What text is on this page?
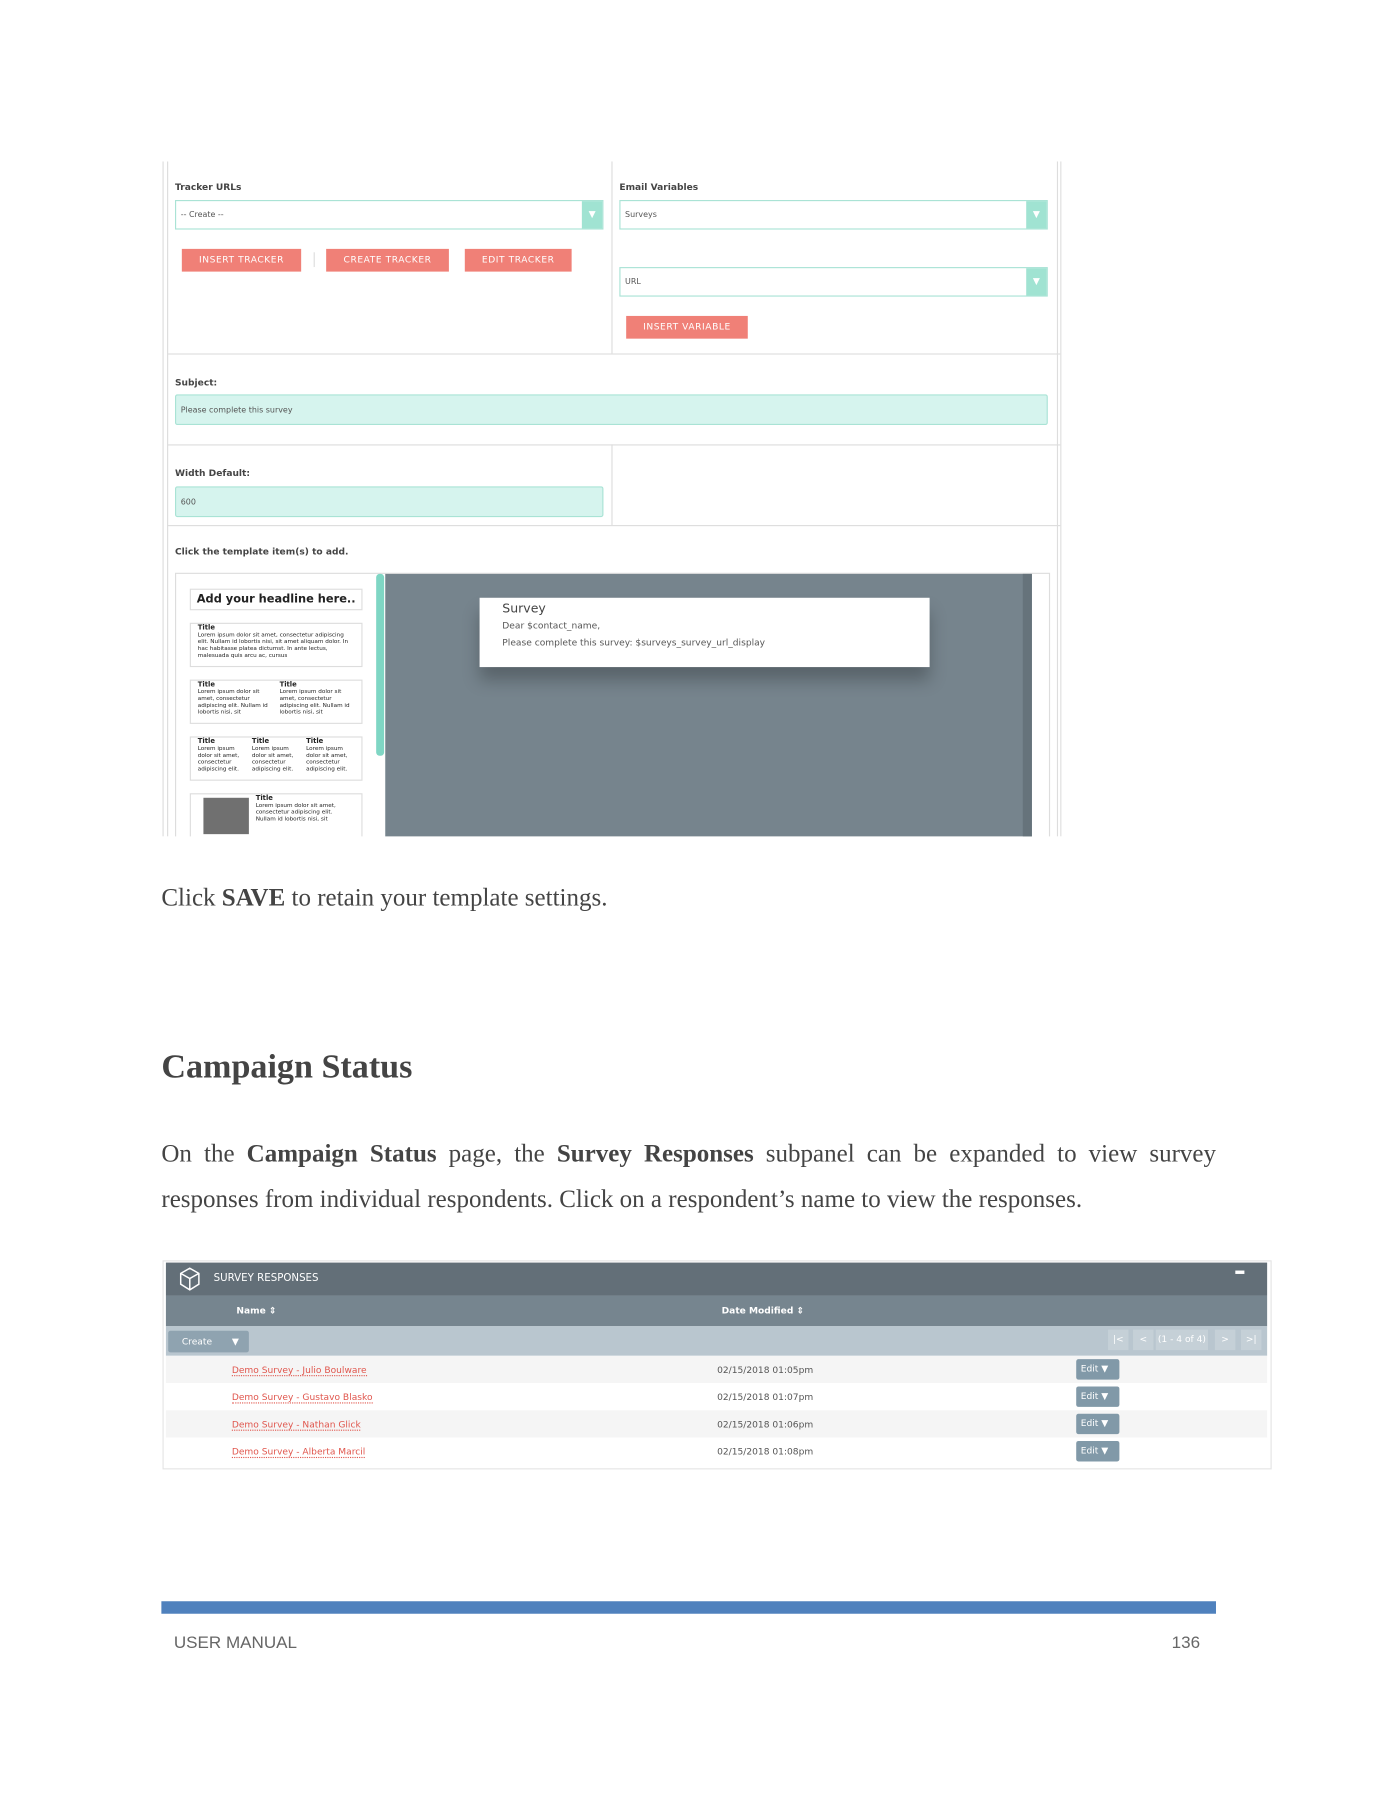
Tracker URLs
-- Create --	▼
INSERT TRACKER	CREATE TRACKER	EDIT TRACKER
Email Variables
Surveys	▼
URL	▼
INSERT VARIABLE
Subject:
Please complete this survey
Width Default:
600
Click the template item(s) to add.
Add your headline here..
Title
Lorem ipsum dolor sit amet, consectetur adipiscing elit. Nullam id lobortis nisi, sit amet aliquam dolor. In hac habitasse platea dictumst. In ante lectus, malesuada quis arcu ac, cursus
Title
Lorem ipsum dolor sit amet, consectetur adipiscing elit. Nullam id lobortis nisi, sit
Title
Lorem ipsum dolor sit amet, consectetur adipiscing elit. Nullam id lobortis nisi, sit
Title
Lorem ipsum dolor sit amet, consectetur adipiscing elit.
Title
Lorem ipsum dolor sit amet, consectetur adipiscing elit.
Title
Lorem ipsum dolor sit amet, consectetur adipiscing elit.
Title
Lorem ipsum dolor sit amet, consectetur adipiscing elit. Nullam id lobortis nisi, sit
Survey
Dear $contact_name,
Please complete this survey: $surveys_survey_url_display
Click SAVE to retain your template settings.
Campaign Status
On the Campaign Status page, the Survey Responses subpanel can be expanded to view survey
responses from individual respondents. Click on a respondent’s name to view the responses.
SURVEY RESPONSES
Name ⇕	Date Modified ⇕
Create ▼	|<	<	(1 - 4 of 4)	>	>|
Demo Survey - Julio Boulware	02/15/2018 01:05pm	Edit ▼
Demo Survey - Gustavo Blasko	02/15/2018 01:07pm	Edit ▼
Demo Survey - Nathan Glick	02/15/2018 01:06pm	Edit ▼
Demo Survey - Alberta Marcil	02/15/2018 01:08pm	Edit ▼
USER MANUAL	136
